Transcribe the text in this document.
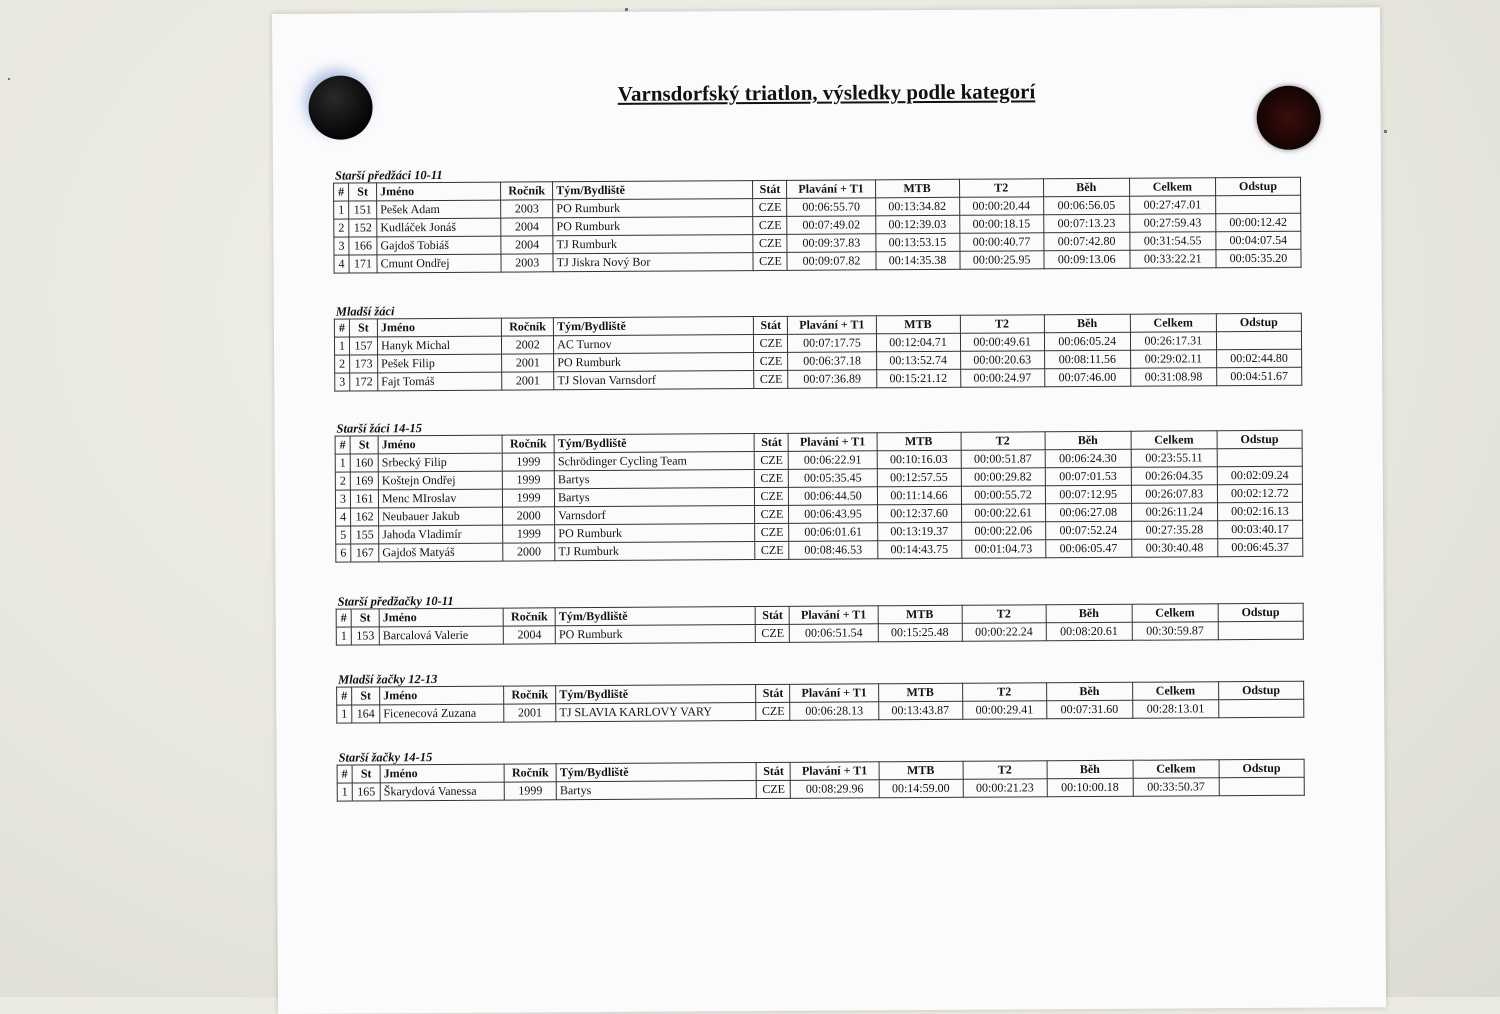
Varnsdorfský triatlon, výsledky podle kategorí
Starší předžáci 10-11
#	St	Jméno	Ročník	Tým/Bydliště	Stát	Plavání + T1	MTB	T2	Běh	Celkem	Odstup
1	151	Pešek Adam	2003	PO Rumburk	CZE	00:06:55.70	00:13:34.82	00:00:20.44	00:06:56.05	00:27:47.01	
2	152	Kudláček Jonáš	2004	PO Rumburk	CZE	00:07:49.02	00:12:39.03	00:00:18.15	00:07:13.23	00:27:59.43	00:00:12.42
3	166	Gajdoš Tobiáš	2004	TJ Rumburk	CZE	00:09:37.83	00:13:53.15	00:00:40.77	00:07:42.80	00:31:54.55	00:04:07.54
4	171	Cmunt Ondřej	2003	TJ Jiskra Nový Bor	CZE	00:09:07.82	00:14:35.38	00:00:25.95	00:09:13.06	00:33:22.21	00:05:35.20
Mladší žáci
#	St	Jméno	Ročník	Tým/Bydliště	Stát	Plavání + T1	MTB	T2	Běh	Celkem	Odstup
1	157	Hanyk Michal	2002	AC Turnov	CZE	00:07:17.75	00:12:04.71	00:00:49.61	00:06:05.24	00:26:17.31	
2	173	Pešek Filip	2001	PO Rumburk	CZE	00:06:37.18	00:13:52.74	00:00:20.63	00:08:11.56	00:29:02.11	00:02:44.80
3	172	Fajt Tomáš	2001	TJ Slovan Varnsdorf	CZE	00:07:36.89	00:15:21.12	00:00:24.97	00:07:46.00	00:31:08.98	00:04:51.67
Starší žáci 14-15
#	St	Jméno	Ročník	Tým/Bydliště	Stát	Plavání + T1	MTB	T2	Běh	Celkem	Odstup
1	160	Srbecký Filip	1999	Schrödinger Cycling Team	CZE	00:06:22.91	00:10:16.03	00:00:51.87	00:06:24.30	00:23:55.11	
2	169	Koštejn Ondřej	1999	Bartys	CZE	00:05:35.45	00:12:57.55	00:00:29.82	00:07:01.53	00:26:04.35	00:02:09.24
3	161	Menc MIroslav	1999	Bartys	CZE	00:06:44.50	00:11:14.66	00:00:55.72	00:07:12.95	00:26:07.83	00:02:12.72
4	162	Neubauer Jakub	2000	Varnsdorf	CZE	00:06:43.95	00:12:37.60	00:00:22.61	00:06:27.08	00:26:11.24	00:02:16.13
5	155	Jahoda Vladimír	1999	PO Rumburk	CZE	00:06:01.61	00:13:19.37	00:00:22.06	00:07:52.24	00:27:35.28	00:03:40.17
6	167	Gajdoš Matyáš	2000	TJ Rumburk	CZE	00:08:46.53	00:14:43.75	00:01:04.73	00:06:05.47	00:30:40.48	00:06:45.37
Starší předžačky 10-11
#	St	Jméno	Ročník	Tým/Bydliště	Stát	Plavání + T1	MTB	T2	Běh	Celkem	Odstup
1	153	Barcalová Valerie	2004	PO Rumburk	CZE	00:06:51.54	00:15:25.48	00:00:22.24	00:08:20.61	00:30:59.87	
Mladší žačky 12-13
#	St	Jméno	Ročník	Tým/Bydliště	Stát	Plavání + T1	MTB	T2	Běh	Celkem	Odstup
1	164	Ficenecová Zuzana	2001	TJ SLAVIA KARLOVY VARY	CZE	00:06:28.13	00:13:43.87	00:00:29.41	00:07:31.60	00:28:13.01	
Starší žačky 14-15
#	St	Jméno	Ročník	Tým/Bydliště	Stát	Plavání + T1	MTB	T2	Běh	Celkem	Odstup
1	165	Škarydová Vanessa	1999	Bartys	CZE	00:08:29.96	00:14:59.00	00:00:21.23	00:10:00.18	00:33:50.37	
